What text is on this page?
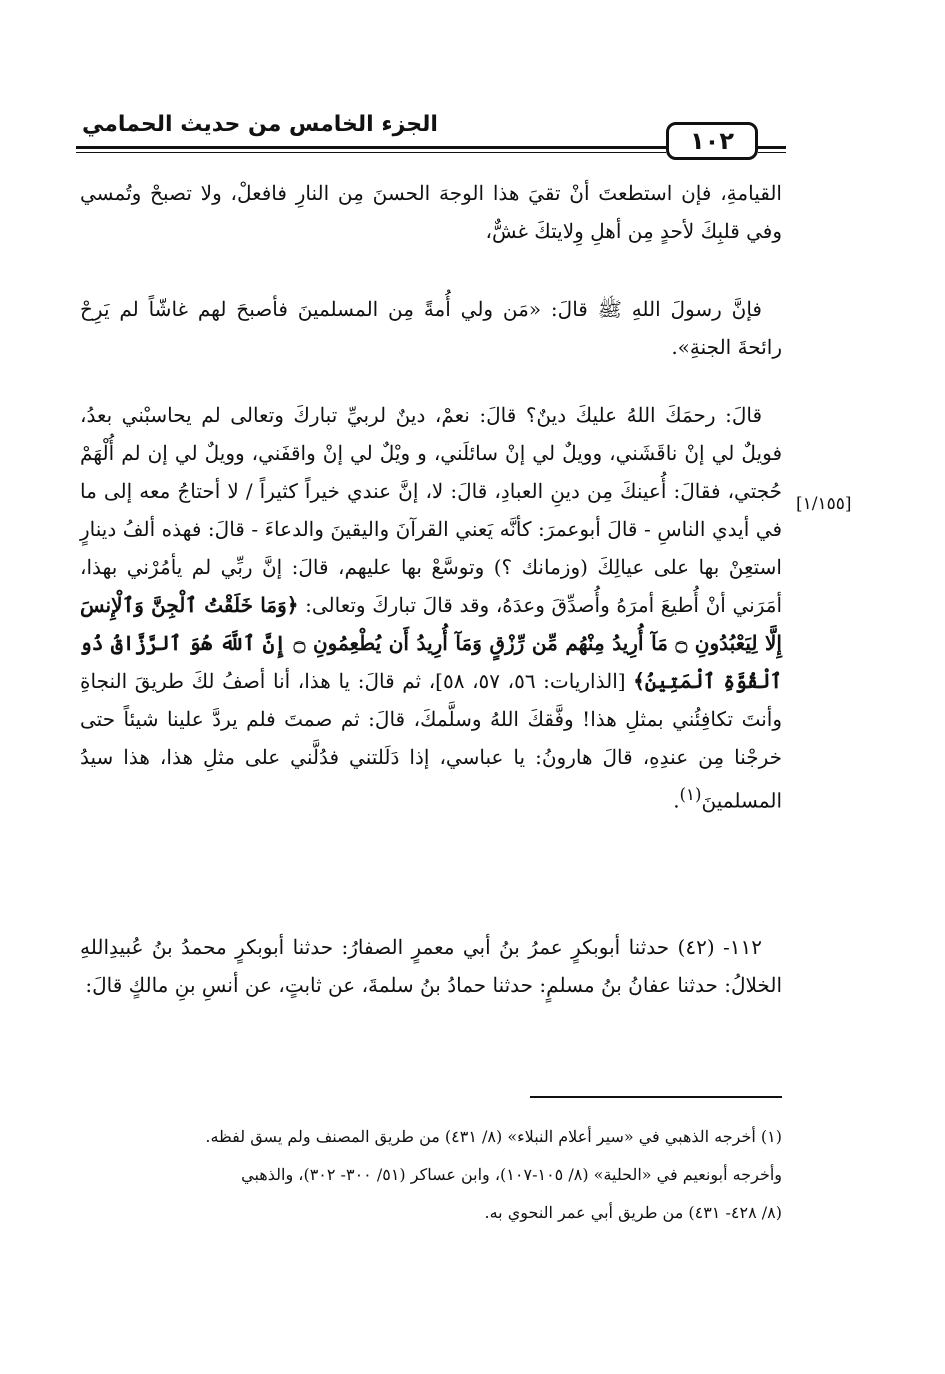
الجزء الخامس من حديث الحمامي
١٠٢
القيامةِ، فإن استطعتَ أنْ تقيَ هذا الوجهَ الحسنَ مِن النارِ فافعلْ، ولا تصبحْ وتُمسي وفي قلبِكَ لأحدٍ مِن أهلِ وِلايتكَ غشٌّ،
فإنَّ رسولَ اللهِ ﷺ قالَ: «مَن ولي أُمةً مِن المسلمينَ فأصبحَ لهم غاشّاً لم يَرِحْ رائحةَ الجنةِ».
قالَ: رحمَكَ اللهُ عليكَ دينٌ؟ قالَ: نعمْ، دينٌ لربيِّ تباركَ وتعالى لم يحاسبْني بعدُ، فويلٌ لي إنْ ناقَشَني، وويلٌ لي إنْ سائلَني، و ويْلٌ لي إنْ واقفَني، وويلٌ لي إن لم أُلْهَمْ حُجتي، فقالَ: أُعينكَ مِن دينِ العبادِ، قالَ: لا، إنَّ عندي خيراً كثيراً / لا أحتاجُ معه إلى ما في أيدي الناسِ - قالَ أبوعمرَ: كأنَّه يَعني القرآنَ واليقينَ والدعاءَ - قالَ: فهذه ألفُ دينارٍ استعِنْ بها على عيالِكَ (وزمانك ؟) وتوسَّعْ بها عليهم، قالَ: إنَّ ربِّي لم يأمُرْني بهذا، أمَرَني أنْ أُطيعَ أمرَهُ وأُصدِّقَ وعدَهُ، وقد قالَ تباركَ وتعالى: ﴿وَمَا خَلَقْتُ ٱلْجِنَّ وَٱلْإِنسَ إِلَّا لِيَعْبُدُونِ ۝ مَآ أُرِيدُ مِنْهُم مِّن رِّزْقٍ وَمَآ أُرِيدُ أَن يُطْعِمُونِ ۝ إِنَّ ٱللَّهَ هُوَ ٱلرَّزَّاقُ ذُو ٱلْقُوَّةِ ٱلْمَتِينُ﴾ [الذاريات: ٥٦، ٥٧، ٥٨]، ثم قالَ: يا هذا، أنا أصفُ لكَ طريقَ النجاةِ وأنتَ تكافِئُني بمثلِ هذا! وفَّقكَ اللهُ وسلَّمكَ، قالَ: ثم صمتَ فلم يردَّ علينا شيئاً حتى خرجْنا مِن عندِهِ، قالَ هارونُ: يا عباسي، إذا دَلَلتني فدُلَّني على مثلِ هذا، هذا سيدُ المسلمينَ$^{(١)}$.
[١/١٥٥]
١١٢- (٤٢) حدثنا أبوبكرٍ عمرُ بنُ أبي معمرٍ الصفارُ: حدثنا أبوبكرٍ محمدُ بنُ عُبيدِاللهِ الخلالُ: حدثنا عفانُ بنُ مسلمٍ: حدثنا حمادُ بنُ سلمةَ، عن ثابتٍ، عن أنسِ بنِ مالكٍ قالَ:
(١) أخرجه الذهبي في «سير أعلام النبلاء» (٨/ ٤٣١) من طريق المصنف ولم يسق لفظه.
وأخرجه أبونعيم في «الحلية» (٨/ ١٠٥-١٠٧)، وابن عساكر (٥١/ ٣٠٠- ٣٠٢)، والذهبي
(٨/ ٤٢٨- ٤٣١) من طريق أبي عمر النحوي به.
